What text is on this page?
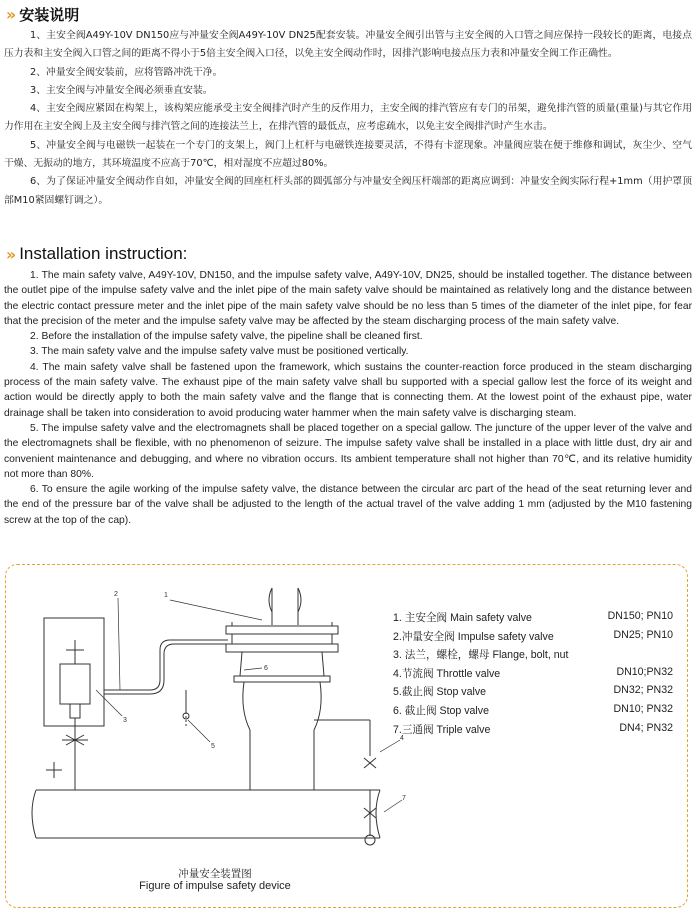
›› 安装说明

1、主安全阀A49Y-10V DN150应与冲量安全阀A49Y-10V DN25配套安装。冲量安全阀引出管与主安全阀的入口管之间应保持一段较长的距离，电接点压力表和主安全阀入口管之间的距离不得小于5倍主安全阀入口径，以免主安全阀动作时，因排汽影响电接点压力表和冲量安全阀工作正确性。

2、冲量安全阀安装前，应将管路冲洗干净。

3、主安全阀与冲量安全阀必须垂直安装。

4、主安全阀应紧固在构架上，该构架应能承受主安全阀排汽时产生的反作用力，主安全阀的排汽管应有专门的吊架，避免排汽管的质量(重量)与其它作用力作用在主安全阀上及主安全阀与排汽管之间的连接法兰上，在排汽管的最低点，应考虑疏水，以免主安全阀排汽时产生水击。

5、冲量安全阀与电磁铁一起装在一个专门的支架上，阀门上杠杆与电磁铁连接要灵活，不得有卡涩现象。冲量阀应装在便于维修和调试，灰尘少、空气干燥、无振动的地方，其环境温度不应高于70℃，相对湿度不应超过80%。

6、为了保证冲量安全阀动作自如，冲量安全阀的回座杠杆头部的圆弧部分与冲量安全阀压杆端部的距离应调到：冲量安全阀实际行程+1mm（用护罩顶部M10紧固螺钉调之）。

›› Installation instruction:

1. The main safety valve, A49Y-10V, DN150, and the impulse safety valve, A49Y-10V, DN25, should be installed together. The distance between the outlet pipe of the impulse safety valve and the inlet pipe of the main safety valve should be maintained as relatively long and the distance between the electric contact pressure meter and the inlet pipe of the main safety valve should be no less than 5 times of the diameter of the inlet pipe, for fear that the precision of the meter and the impulse safety valve may be affected by the steam discharging process of the main safety valve.

2. Before the installation of the impulse safety valve, the pipeline shall be cleaned first.

3. The main safety valve and the impulse safety valve must be positioned vertically.

4. The main safety valve shall be fastened upon the framework, which sustains the counter-reaction force produced in the steam discharging process of the main safety valve. The exhaust pipe of the main safety valve shall bu supported with a special gallow lest the force of its weight and action would be directly apply to both the main safety valve and the flange that is connecting them. At the lowest point of the exhaust pipe, water drainage shall be taken into consideration to avoid producing water hammer when the main safety valve is discharging steam.

5. The impulse safety valve and the electromagnets shall be placed together on a special gallow. The juncture of the upper lever of the valve and the electromagnets shall be flexible, with no phenomenon of seizure. The impulse safety valve shall be installed in a place with little dust, dry air and convenient maintenance and debugging, and where no vibration occurs. Its ambient temperature shall not higher than 70℃, and its relative humidity not more than 80%.

6. To ensure the agile working of the impulse safety valve, the distance between the circular arc part of the head of the seat returning lever and the end of the pressure bar of the valve shall be adjusted to the length of the actual travel of the valve adding 1 mm (adjusted by the M10 fastening screw at the top of the cap).

1
2
3
4
5
6
7
1. 主安全阀 Main safety valve	DN150; PN10
2.冲量安全阀 Impulse safety valve	DN25; PN10
3. 法兰，螺栓，螺母 Flange, bolt, nut
4.节流阀 Throttle valve	DN10;PN32
5.截止阀 Stop valve	DN32; PN32
6. 截止阀 Stop valve	DN10; PN32
7.三通阀 Triple valve	DN4; PN32
冲量安全装置图
Figure of impulse safety device
